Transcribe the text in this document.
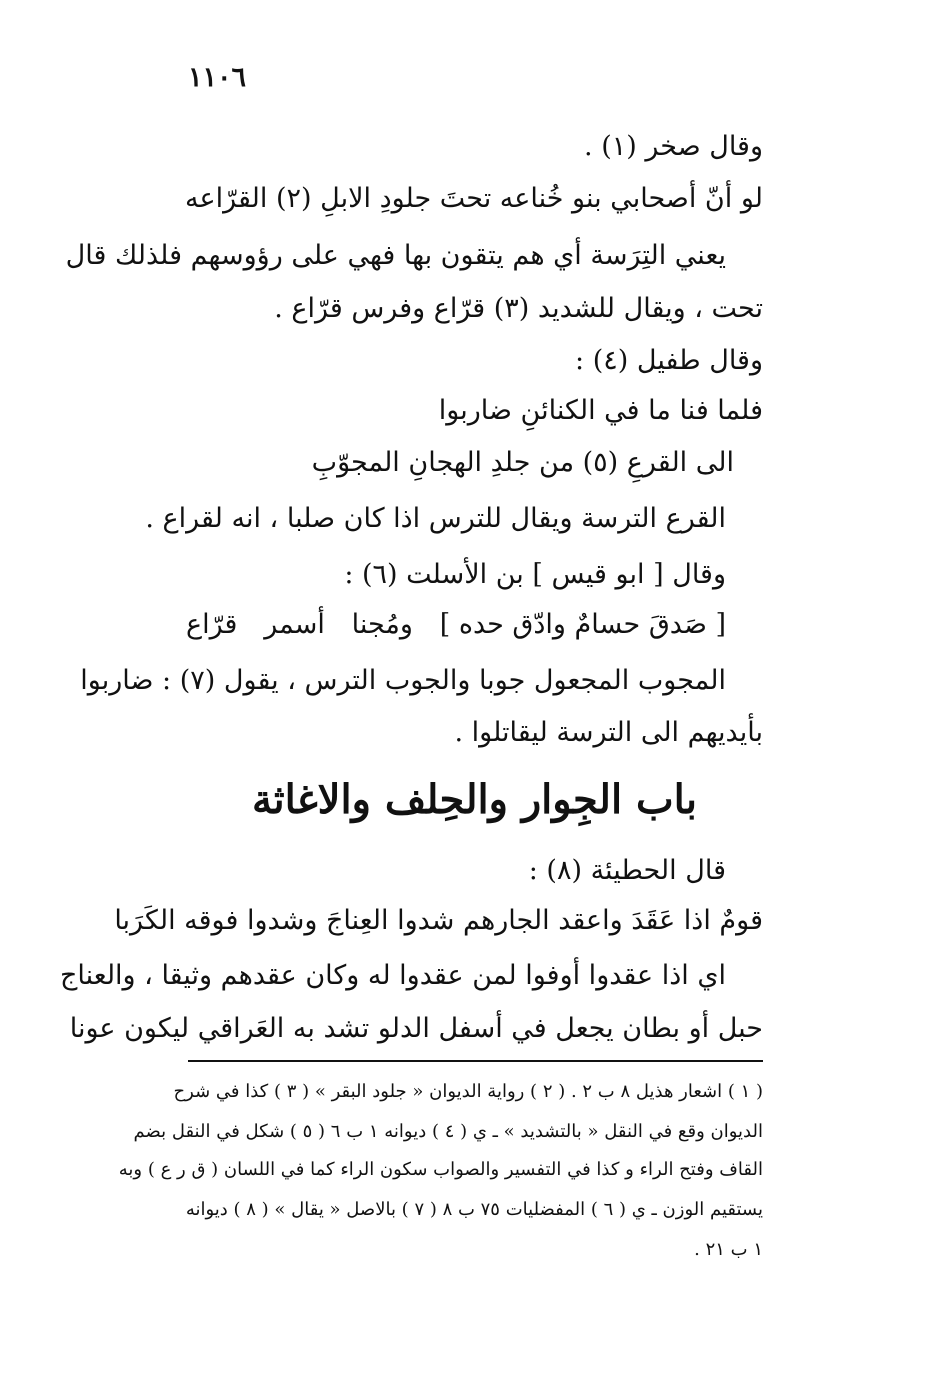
١١٠٦
وقال صخر (١) .
لو أنّ أصحابي بنو خُناعه تحتَ جلودِ الابلِ (٢) القرّاعه
يعني التِرَسة أي هم يتقون بها فهي على رؤوسهم فلذلك قال
تحت ، ويقال للشديد (٣) قرّاع وفرس قرّاع .
وقال طفيل (٤) :
فلما فنا ما في الكنائنِ ضاربوا
الى القرعِ (٥) من جلدِ الهجانِ المجوّبِ
القرع الترسة ويقال للترس اذا كان صلبا ، انه لقراع .
وقال [ ابو قيس ] بن الأسلت (٦) :
[ صَدقَ حسامٌ وادّق حده ]
ومُجنا
أسمر
قرّاع
المجوب المجعول جوبا والجوب الترس ، يقول (٧) : ضاربوا
بأيديهم الى الترسة ليقاتلوا .
باب الجِوار والحِلف والاغاثة
قال الحطيئة (٨) :
قومٌ اذا عَقَدَ واعقد الجارهم شدوا العِناجَ وشدوا فوقه الكَرَبا
اي اذا عقدوا أوفوا لمن عقدوا له وكان عقدهم وثيقا ، والعناج
حبل أو بطان يجعل في أسفل الدلو تشد به العَراقي ليكون عونا
( ١ ) اشعار هذيل ٨ ب ٢ . ( ٢ ) رواية الديوان « جلود البقر » ( ٣ ) كذا في شرح
الديوان وقع في النقل « بالتشديد » ـ ي ( ٤ ) ديوانه ١ ب ٦ ( ٥ ) شكل في النقل بضم
القاف وفتح الراء و كذا في التفسير والصواب سكون الراء كما في اللسان ( ق ر ع ) وبه
يستقيم الوزن ـ ي ( ٦ ) المفضليات ٧٥ ب ٨ ( ٧ ) بالاصل « يقال » ( ٨ ) ديوانه
١ ب ٢١ .
